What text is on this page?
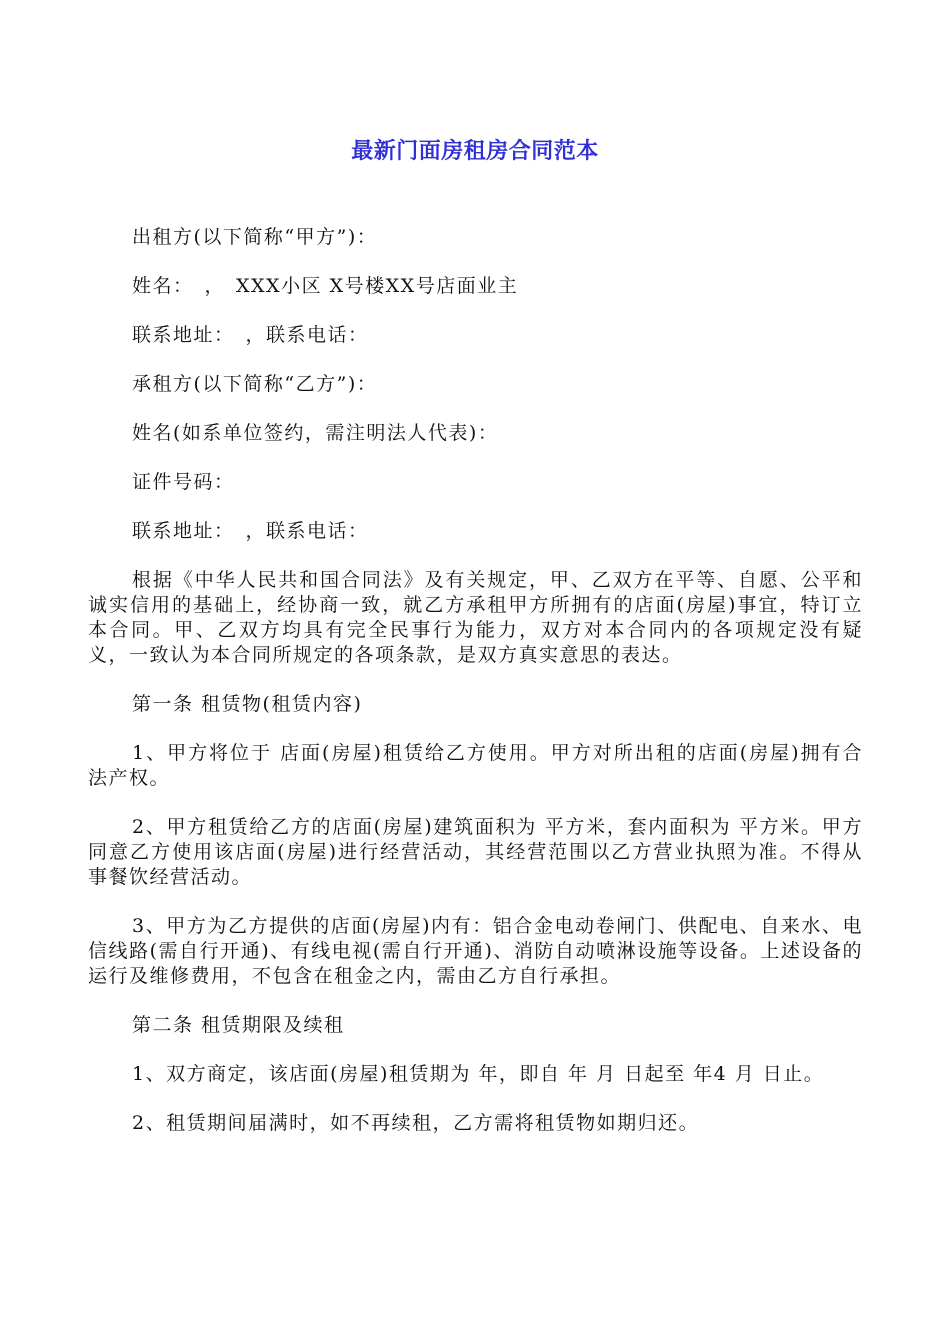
最新门面房租房合同范本

出租方(以下简称“甲方”)：

姓名：　，　XXX小区 X号楼XX号店面业主

联系地址：　，联系电话：

承租方(以下简称“乙方”)：

姓名(如系单位签约，需注明法人代表)：

证件号码：

联系地址：　，联系电话：

根据《中华人民共和国合同法》及有关规定，甲、乙双方在平等、自愿、公平和诚实信用的基础上，经协商一致，就乙方承租甲方所拥有的店面(房屋)事宜，特订立本合同。甲、乙双方均具有完全民事行为能力，双方对本合同内的各项规定没有疑义，一致认为本合同所规定的各项条款，是双方真实意思的表达。

第一条 租赁物(租赁内容)

1、甲方将位于 店面(房屋)租赁给乙方使用。甲方对所出租的店面(房屋)拥有合法产权。

2、甲方租赁给乙方的店面(房屋)建筑面积为 平方米，套内面积为 平方米。甲方同意乙方使用该店面(房屋)进行经营活动，其经营范围以乙方营业执照为准。不得从事餐饮经营活动。

3、甲方为乙方提供的店面(房屋)内有：铝合金电动卷闸门、供配电、自来水、电信线路(需自行开通)、有线电视(需自行开通)、消防自动喷淋设施等设备。上述设备的运行及维修费用，不包含在租金之内，需由乙方自行承担。

第二条 租赁期限及续租

1、双方商定，该店面(房屋)租赁期为 年，即自 年 月 日起至 年4 月 日止。

2、租赁期间届满时，如不再续租，乙方需将租赁物如期归还。
